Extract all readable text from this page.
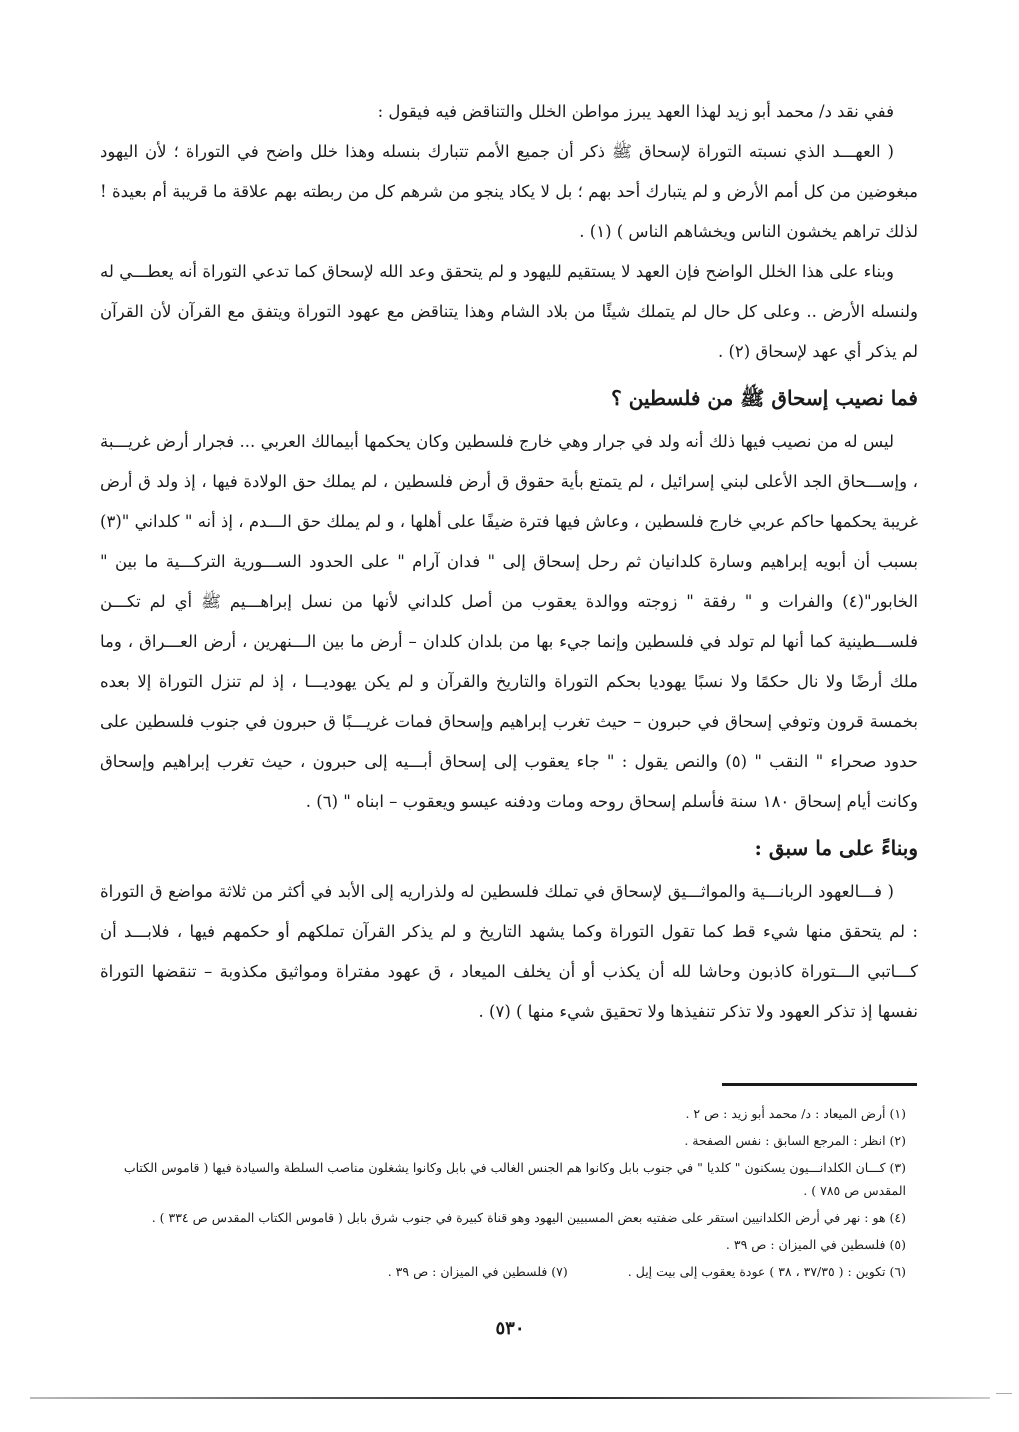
ففي نقد د/ محمد أبو زيد لهذا العهد يبرز مواطن الخلل والتناقض فيه فيقول :

( العهـــد الذي نسبته التوراة لإسحاق ﷺ ذكر أن جميع الأمم تتبارك بنسله وهذا خلل واضح في التوراة ؛ لأن اليهود مبغوضين من كل أمم الأرض و لم يتبارك أحد بهم ؛ بل لا يكاد ينجو من شرهم كل من ربطته بهم علاقة ما قريبة أم بعيدة ! لذلك تراهم يخشون الناس ويخشاهم الناس ) (١) .

وبناء على هذا الخلل الواضح فإن العهد لا يستقيم لليهود و لم يتحقق وعد الله لإسحاق كما تدعي التوراة أنه يعطـــي له ولنسله الأرض .. وعلى كل حال لم يتملك شيئًا من بلاد الشام وهذا يتناقض مع عهود التوراة ويتفق مع القرآن لأن القرآن لم يذكر أي عهد لإسحاق (٢) .

فما نصيب إسحاق ﷺ من فلسطين ؟

ليس له من نصيب فيها ذلك أنه ولد في جرار وهي خارج فلسطين وكان يحكمها أبيمالك العربي ... فجرار أرض غريـــبة ، وإســـحاق الجد الأعلى لبني إسرائيل ، لم يتمتع بأية حقوق ق أرض فلسطين ، لم يملك حق الولادة فيها ، إذ ولد ق أرض غريبة يحكمها حاكم عربي خارج فلسطين ، وعاش فيها فترة ضيفًا على أهلها ، و لم يملك حق الـــدم ، إذ أنه " كلداني "(٣) بسبب أن أبويه إبراهيم وسارة كلدانيان ثم رحل إسحاق إلى " فدان آرام " على الحدود الســـورية التركـــية ما بين " الخابور"(٤) والفرات و " رفقة " زوجته ووالدة يعقوب من أصل كلداني لأنها من نسل إبراهـــيم ﷺ أي لم تكـــن فلســـطينية كما أنها لم تولد في فلسطين وإنما جيء بها من بلدان كلدان – أرض ما بين الـــنهرين ، أرض العـــراق ، وما ملك أرضًا ولا نال حكمًا ولا نسبًا يهوديا بحكم التوراة والتاريخ والقرآن و لم يكن يهوديـــا ، إذ لم تنزل التوراة إلا بعده بخمسة قرون وتوفي إسحاق في حبرون – حيث تغرب إبراهيم وإسحاق فمات غريـــبًا ق حبرون في جنوب فلسطين على حدود صحراء " النقب " (٥) والنص يقول : " جاء يعقوب إلى إسحاق أبـــيه إلى حبرون ، حيث تغرب إبراهيم وإسحاق وكانت أيام إسحاق ١٨٠ سنة فأسلم إسحاق روحه ومات ودفنه عيسو ويعقوب – ابناه " (٦) .

وبناءً على ما سبق :

( فـــالعهود الربانـــية والمواثـــيق لإسحاق في تملك فلسطين له ولذراريه إلى الأبد في أكثر من ثلاثة مواضع ق التوراة : لم يتحقق منها شيء قط كما تقول التوراة وكما يشهد التاريخ و لم يذكر القرآن تملكهم أو حكمهم فيها ، فلابـــد أن كـــاتبي الـــتوراة كاذبون وحاشا لله أن يكذب أو أن يخلف الميعاد ، ق عهود مفتراة ومواثيق مكذوبة – تنقضها التوراة نفسها إذ تذكر العهود ولا تذكر تنفيذها ولا تحقيق شيء منها ) (٧) .

(١) أرض الميعاد : د/ محمد أبو زيد : ص ٢ .

(٢) انظر : المرجع السابق : نفس الصفحة .

(٣) كـــان الكلدانـــيون يسكنون " كلديا " في جنوب بابل وكانوا هم الجنس الغالب في بابل وكانوا يشغلون مناصب السلطة والسيادة فيها ( قاموس الكتاب المقدس ص ٧٨٥ ) .

(٤) هو : نهر في أرض الكلدانيين استقر على ضفتيه بعض المسبيين اليهود وهو قناة كبيرة في جنوب شرق بابل ( قاموس الكتاب المقدس ص ٣٣٤ ) .

(٥) فلسطين في الميزان : ص ٣٩ .

(٦) تكوين : ( ٣٧/٣٥ ، ٣٨ ) عودة يعقوب إلى بيت إيل .
(٧) فلسطين في الميزان : ص ٣٩ .
٥٣٠
